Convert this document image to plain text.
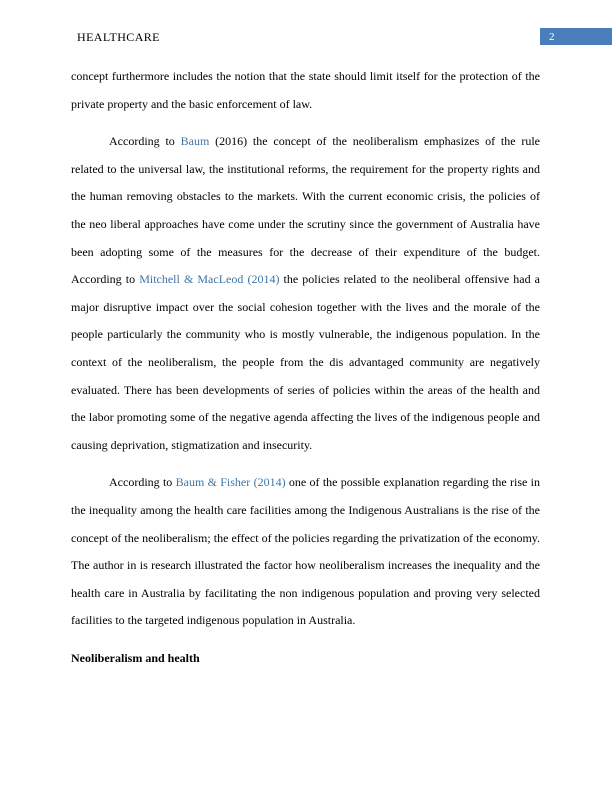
HEALTHCARE	2

concept furthermore includes the notion that the state should limit itself for the protection of the private property and the basic enforcement of law.

According to Baum (2016) the concept of the neoliberalism emphasizes of the rule related to the universal law, the institutional reforms, the requirement for the property rights and the human removing obstacles to the markets. With the current economic crisis, the policies of the neo liberal approaches have come under the scrutiny since the government of Australia have been adopting some of the measures for the decrease of their expenditure of the budget. According to Mitchell & MacLeod (2014) the policies related to the neoliberal offensive had a major disruptive impact over the social cohesion together with the lives and the morale of the people particularly the community who is mostly vulnerable, the indigenous population. In the context of the neoliberalism, the people from the dis advantaged community are negatively evaluated. There has been developments of series of policies within the areas of the health and the labor promoting some of the negative agenda affecting the lives of the indigenous people and causing deprivation, stigmatization and insecurity.

According to Baum & Fisher (2014) one of the possible explanation regarding the rise in the inequality among the health care facilities among the Indigenous Australians is the rise of the concept of the neoliberalism; the effect of the policies regarding the privatization of the economy. The author in is research illustrated the factor how neoliberalism increases the inequality and the health care in Australia by facilitating the non indigenous population and proving very selected facilities to the targeted indigenous population in Australia.

Neoliberalism and health
